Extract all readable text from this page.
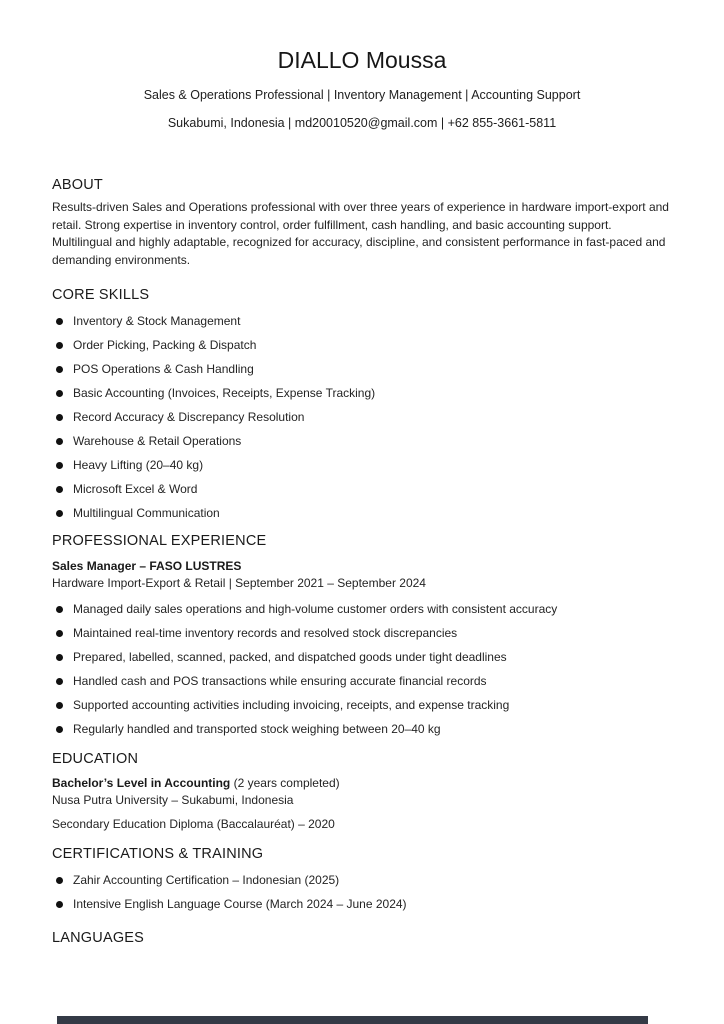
DIALLO Moussa

Sales & Operations Professional | Inventory Management | Accounting Support

Sukabumi, Indonesia | md20010520@gmail.com | +62 855-3661-5811

ABOUT

Results-driven Sales and Operations professional with over three years of experience in hardware import-export and retail. Strong expertise in inventory control, order fulfillment, cash handling, and basic accounting support. Multilingual and highly adaptable, recognized for accuracy, discipline, and consistent performance in fast-paced and demanding environments.

CORE SKILLS
Inventory & Stock Management
Order Picking, Packing & Dispatch
POS Operations & Cash Handling
Basic Accounting (Invoices, Receipts, Expense Tracking)
Record Accuracy & Discrepancy Resolution
Warehouse & Retail Operations
Heavy Lifting (20–40 kg)
Microsoft Excel & Word
Multilingual Communication
PROFESSIONAL EXPERIENCE

Sales Manager – FASO LUSTRES

Hardware Import-Export & Retail | September 2021 – September 2024

Managed daily sales operations and high-volume customer orders with consistent accuracy
Maintained real-time inventory records and resolved stock discrepancies
Prepared, labelled, scanned, packed, and dispatched goods under tight deadlines
Handled cash and POS transactions while ensuring accurate financial records
Supported accounting activities including invoicing, receipts, and expense tracking
Regularly handled and transported stock weighing between 20–40 kg
EDUCATION

Bachelor’s Level in Accounting (2 years completed)

Nusa Putra University – Sukabumi, Indonesia

Secondary Education Diploma (Baccalauréat) – 2020

CERTIFICATIONS & TRAINING
Zahir Accounting Certification – Indonesian (2025)
Intensive English Language Course (March 2024 – June 2024)
LANGUAGES
